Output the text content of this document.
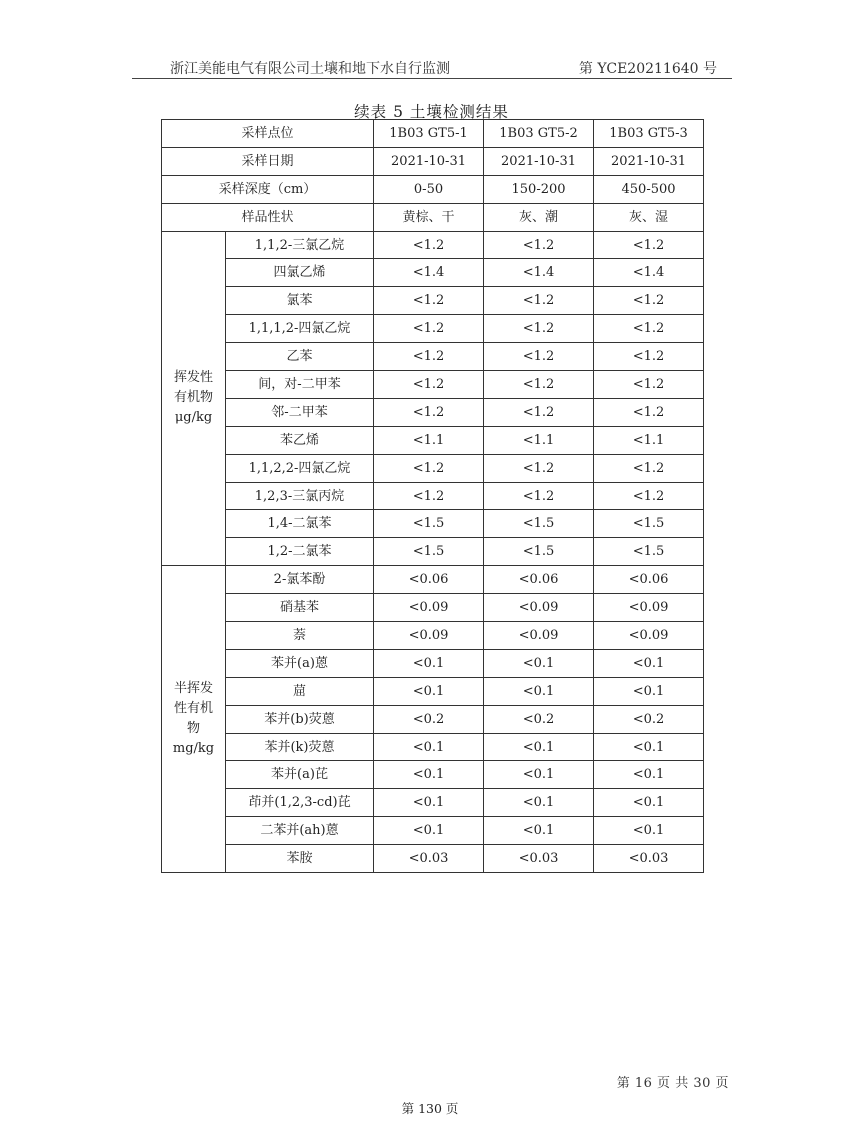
浙江美能电气有限公司土壤和地下水自行监测	第 YCE20211640 号
续表 5 土壤检测结果
采样点位		1B03 GT5-1	1B03 GT5-2	1B03 GT5-3
采样日期		2021-10-31	2021-10-31	2021-10-31
采样深度（cm）		0-50	150-200	450-500
样品性状		黄棕、干	灰、潮	灰、湿

挥发性
有机物
μg/kg	1,1,2-三氯乙烷	<1.2	<1.2	<1.2
	四氯乙烯	<1.4	<1.4	<1.4
	氯苯	<1.2	<1.2	<1.2
	1,1,1,2-四氯乙烷	<1.2	<1.2	<1.2
	乙苯	<1.2	<1.2	<1.2
	间，对-二甲苯	<1.2	<1.2	<1.2
	邻-二甲苯	<1.2	<1.2	<1.2
	苯乙烯	<1.1	<1.1	<1.1
	1,1,2,2-四氯乙烷	<1.2	<1.2	<1.2
	1,2,3-三氯丙烷	<1.2	<1.2	<1.2
	1,4-二氯苯	<1.5	<1.5	<1.5
	1,2-二氯苯	<1.5	<1.5	<1.5

半挥发
性有机
物
mg/kg	2-氯苯酚	<0.06	<0.06	<0.06
	硝基苯	<0.09	<0.09	<0.09
	萘	<0.09	<0.09	<0.09
	苯并(a)蒽	<0.1	<0.1	<0.1
	䓛	<0.1	<0.1	<0.1
	苯并(b)荧蒽	<0.2	<0.2	<0.2
	苯并(k)荧蒽	<0.1	<0.1	<0.1
	苯并(a)芘	<0.1	<0.1	<0.1
	茚并(1,2,3-cd)芘	<0.1	<0.1	<0.1
	二苯并(ah)蒽	<0.1	<0.1	<0.1
	苯胺	<0.03	<0.03	<0.03
第 16 页 共 30 页
第 130 页
